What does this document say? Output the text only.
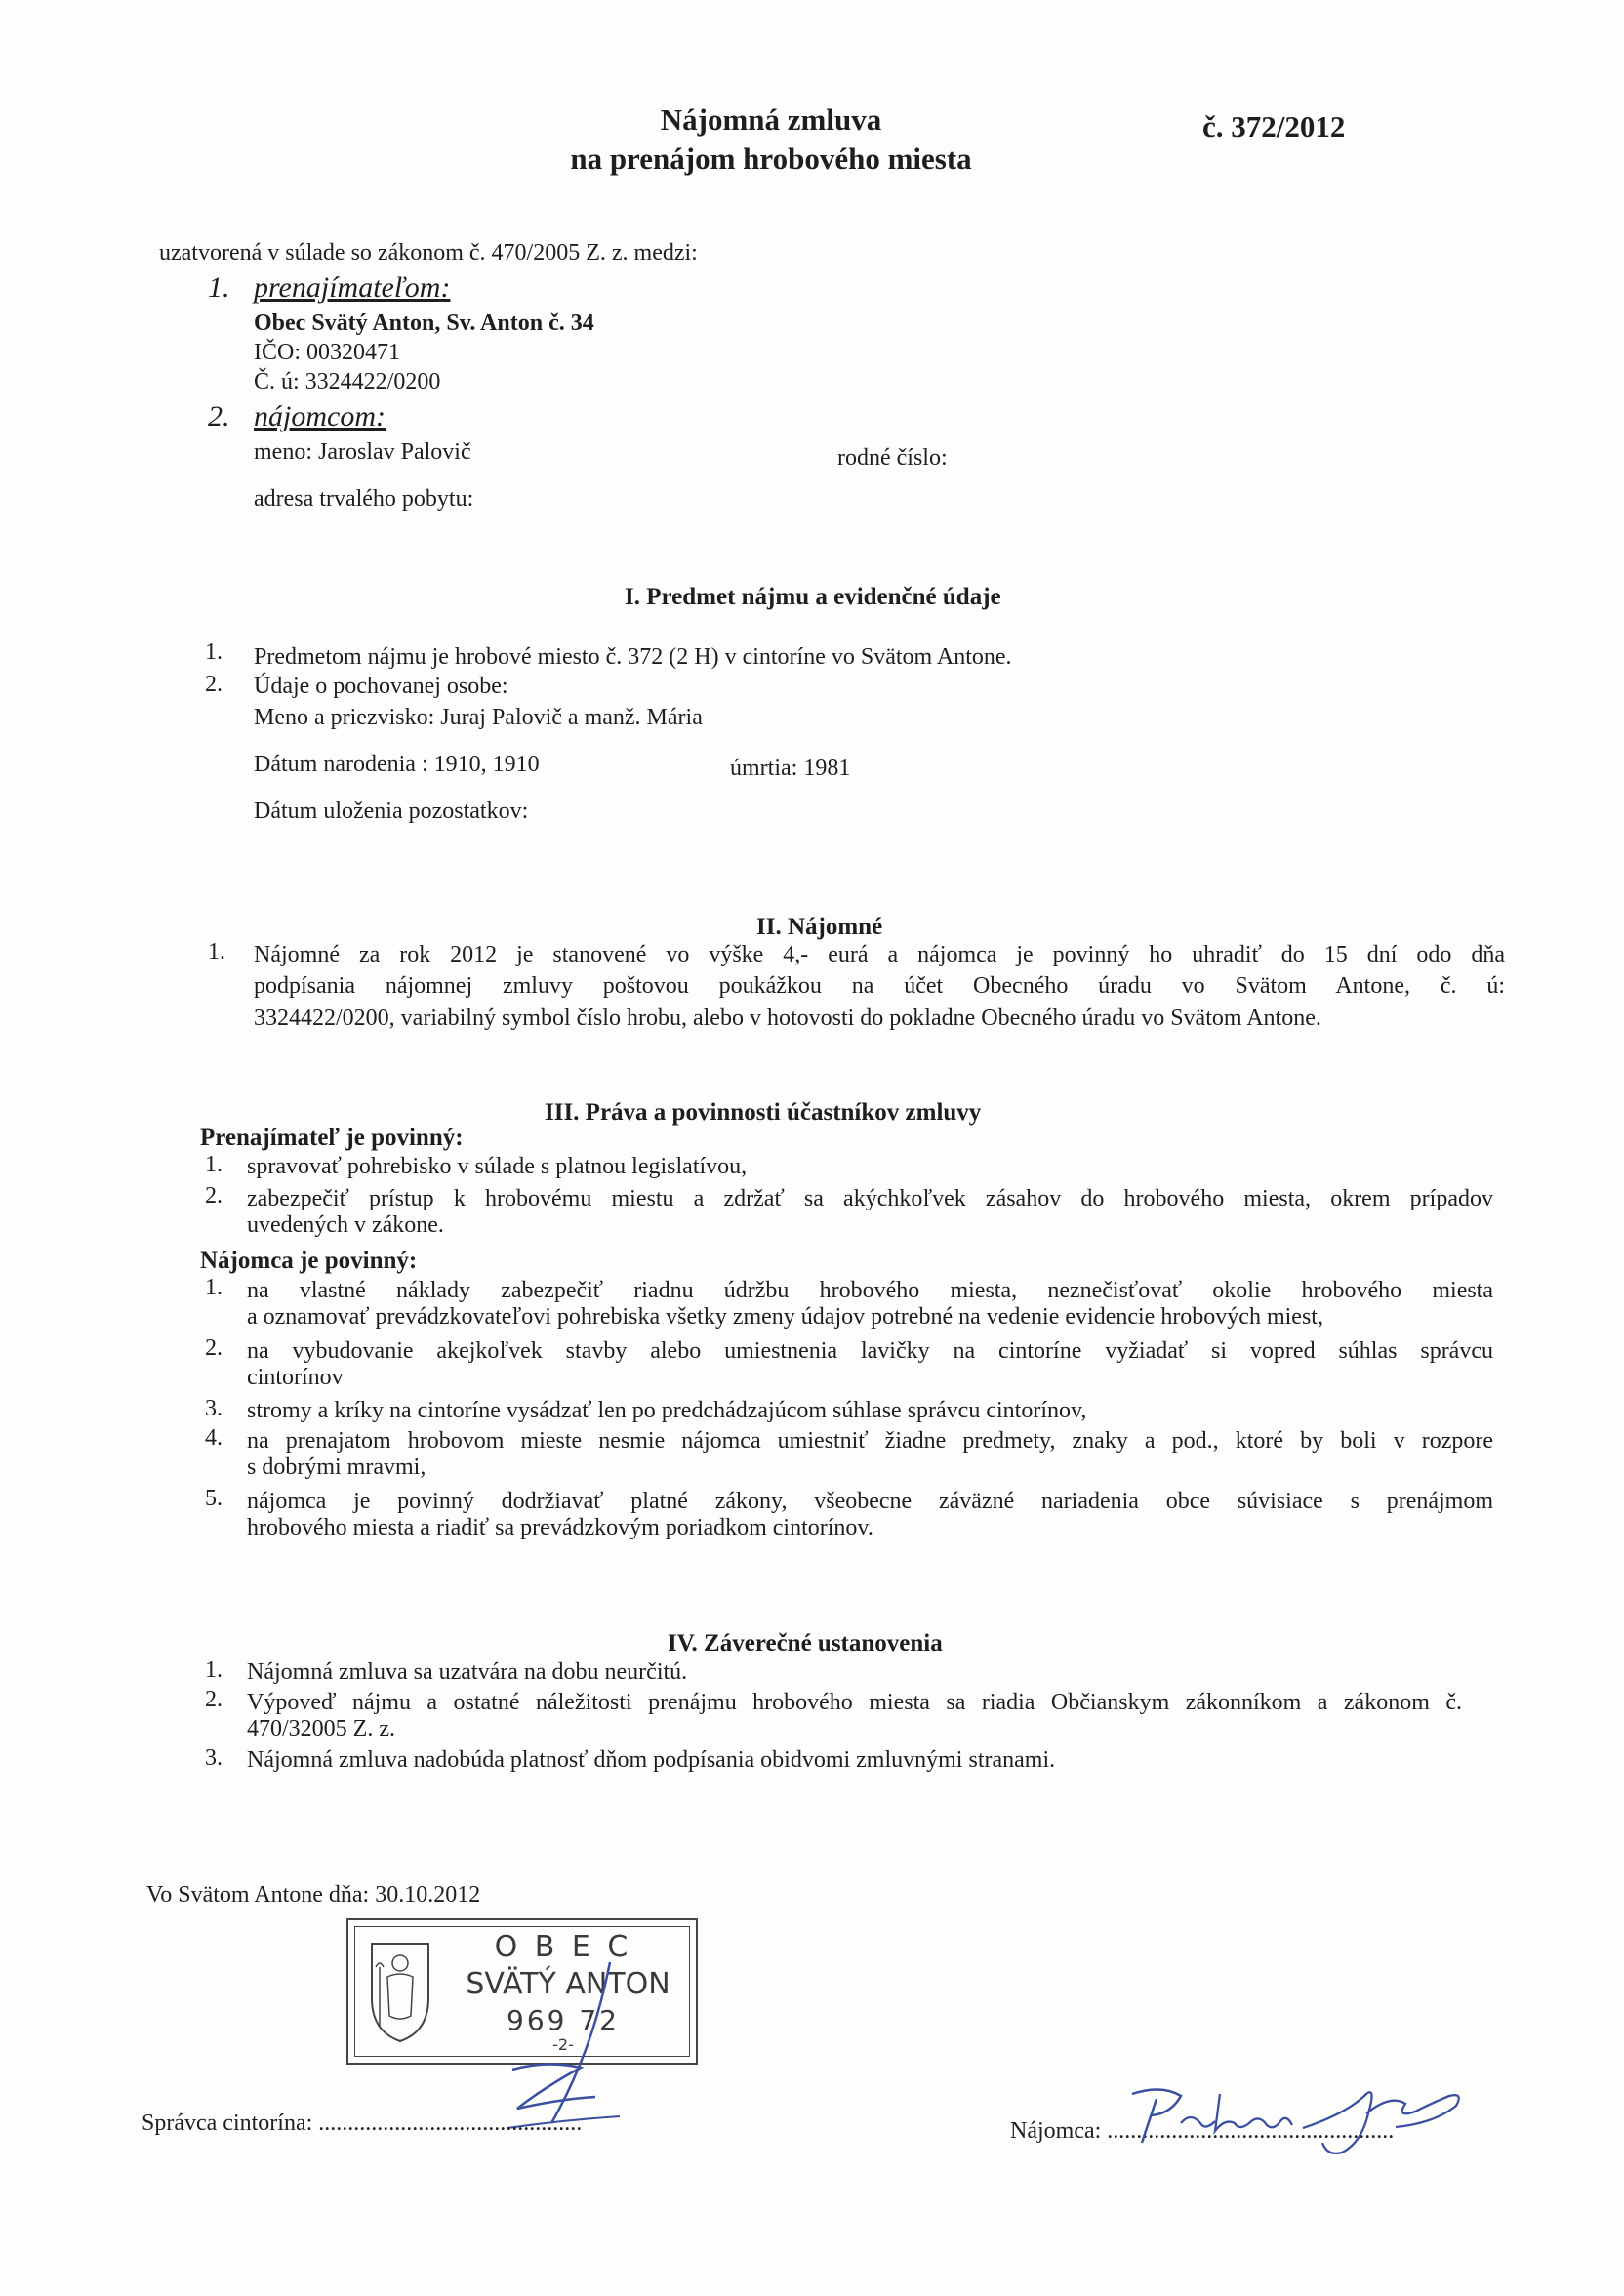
Nájomná zmluva
na prenájom hrobového miesta
č. 372/2012
uzatvorená v súlade so zákonom č. 470/2005 Z. z. medzi:
1. prenajímateľom:
Obec Svätý Anton, Sv. Anton č. 34
IČO: 00320471
Č. ú: 3324422/0200
2. nájomcom:
meno: Jaroslav Palovič	rodné číslo:
adresa trvalého pobytu:
I. Predmet nájmu a evidenčné údaje
1. Predmetom nájmu je hrobové miesto č. 372 (2 H) v cintoríne vo Svätom Antone.
2. Údaje o pochovanej osobe:
Meno a priezvisko: Juraj Palovič a manž. Mária
Dátum narodenia : 1910, 1910	úmrtia: 1981
Dátum uloženia pozostatkov:
II. Nájomné
1. Nájomné za rok 2012 je stanovené vo výške 4,- eurá a nájomca je povinný ho uhradiť do 15 dní odo dňa
podpísania nájomnej zmluvy poštovou poukážkou na účet Obecného úradu vo Svätom Antone, č. ú:
3324422/0200, variabilný symbol číslo hrobu, alebo v hotovosti do pokladne Obecného úradu vo Svätom Antone.
III. Práva a povinnosti účastníkov zmluvy
Prenajímateľ je povinný:
1. spravovať pohrebisko v súlade s platnou legislatívou,
2. zabezpečiť prístup k hrobovému miestu a zdržať sa akýchkoľvek zásahov do hrobového miesta, okrem prípadov
uvedených v zákone.
Nájomca je povinný:
1. na vlastné náklady zabezpečiť riadnu údržbu hrobového miesta, neznečisťovať okolie hrobového miesta
a oznamovať prevádzkovateľovi pohrebiska všetky zmeny údajov potrebné na vedenie evidencie hrobových miest,
2. na vybudovanie akejkoľvek stavby alebo umiestnenia lavičky na cintoríne vyžiadať si vopred súhlas správcu
cintorínov
3. stromy a kríky na cintoríne vysádzať len po predchádzajúcom súhlase správcu cintorínov,
4. na prenajatom hrobovom mieste nesmie nájomca umiestniť žiadne predmety, znaky a pod., ktoré by boli v rozpore
s dobrými mravmi,
5. nájomca je povinný dodržiavať platné zákony, všeobecne záväzné nariadenia obce súvisiace s prenájmom
hrobového miesta a riadiť sa prevádzkovým poriadkom cintorínov.
IV. Záverečné ustanovenia
1. Nájomná zmluva sa uzatvára na dobu neurčitú.
2. Výpoveď nájmu a ostatné náležitosti prenájmu hrobového miesta sa riadia Občianskym zákonníkom a zákonom č.
470/32005 Z. z.
3. Nájomná zmluva nadobúda platnosť dňom podpísania obidvomi zmluvnými stranami.
Vo Svätom Antone dňa: 30.10.2012
O B E C
SVÄTÝ ANTON
969 72
-2-
Správca cintorína: .............................................	Nájomca: .................................................
